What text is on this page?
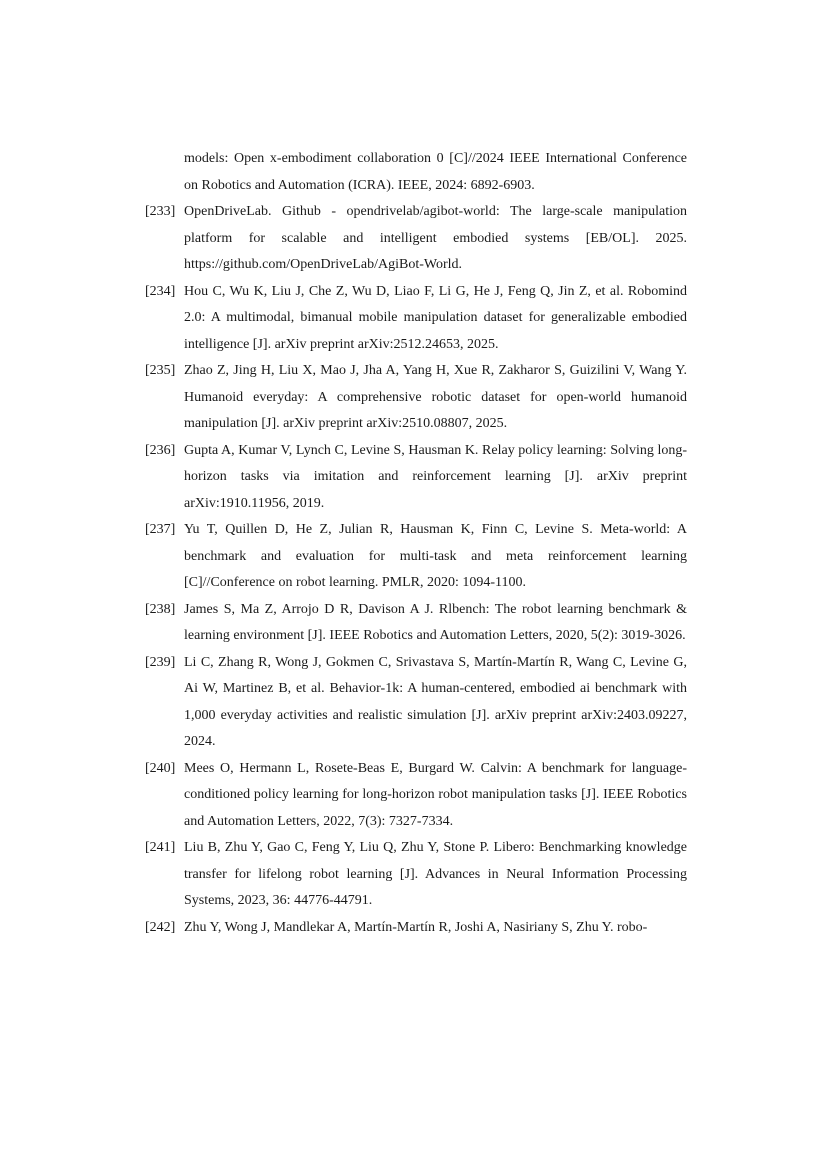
models: Open x-embodiment collaboration 0 [C]//2024 IEEE International Conference on Robotics and Automation (ICRA). IEEE, 2024: 6892-6903.
[233] OpenDriveLab. Github - opendrivelab/agibot-world: The large-scale manipulation platform for scalable and intelligent embodied systems [EB/OL]. 2025. https://github.com/OpenDriveLab/AgiBot-World.
[234] Hou C, Wu K, Liu J, Che Z, Wu D, Liao F, Li G, He J, Feng Q, Jin Z, et al. Robomind 2.0: A multimodal, bimanual mobile manipulation dataset for generalizable embodied intelligence [J]. arXiv preprint arXiv:2512.24653, 2025.
[235] Zhao Z, Jing H, Liu X, Mao J, Jha A, Yang H, Xue R, Zakharor S, Guizilini V, Wang Y. Humanoid everyday: A comprehensive robotic dataset for open-world humanoid manipulation [J]. arXiv preprint arXiv:2510.08807, 2025.
[236] Gupta A, Kumar V, Lynch C, Levine S, Hausman K. Relay policy learning: Solving long-horizon tasks via imitation and reinforcement learning [J]. arXiv preprint arXiv:1910.11956, 2019.
[237] Yu T, Quillen D, He Z, Julian R, Hausman K, Finn C, Levine S. Meta-world: A benchmark and evaluation for multi-task and meta reinforcement learning [C]//Conference on robot learning. PMLR, 2020: 1094-1100.
[238] James S, Ma Z, Arrojo D R, Davison A J. Rlbench: The robot learning benchmark & learning environment [J]. IEEE Robotics and Automation Letters, 2020, 5(2): 3019-3026.
[239] Li C, Zhang R, Wong J, Gokmen C, Srivastava S, Martín-Martín R, Wang C, Levine G, Ai W, Martinez B, et al. Behavior-1k: A human-centered, embodied ai benchmark with 1,000 everyday activities and realistic simulation [J]. arXiv preprint arXiv:2403.09227, 2024.
[240] Mees O, Hermann L, Rosete-Beas E, Burgard W. Calvin: A benchmark for language-conditioned policy learning for long-horizon robot manipulation tasks [J]. IEEE Robotics and Automation Letters, 2022, 7(3): 7327-7334.
[241] Liu B, Zhu Y, Gao C, Feng Y, Liu Q, Zhu Y, Stone P. Libero: Benchmarking knowledge transfer for lifelong robot learning [J]. Advances in Neural Information Processing Systems, 2023, 36: 44776-44791.
[242] Zhu Y, Wong J, Mandlekar A, Martín-Martín R, Joshi A, Nasiriany S, Zhu Y. robo-
